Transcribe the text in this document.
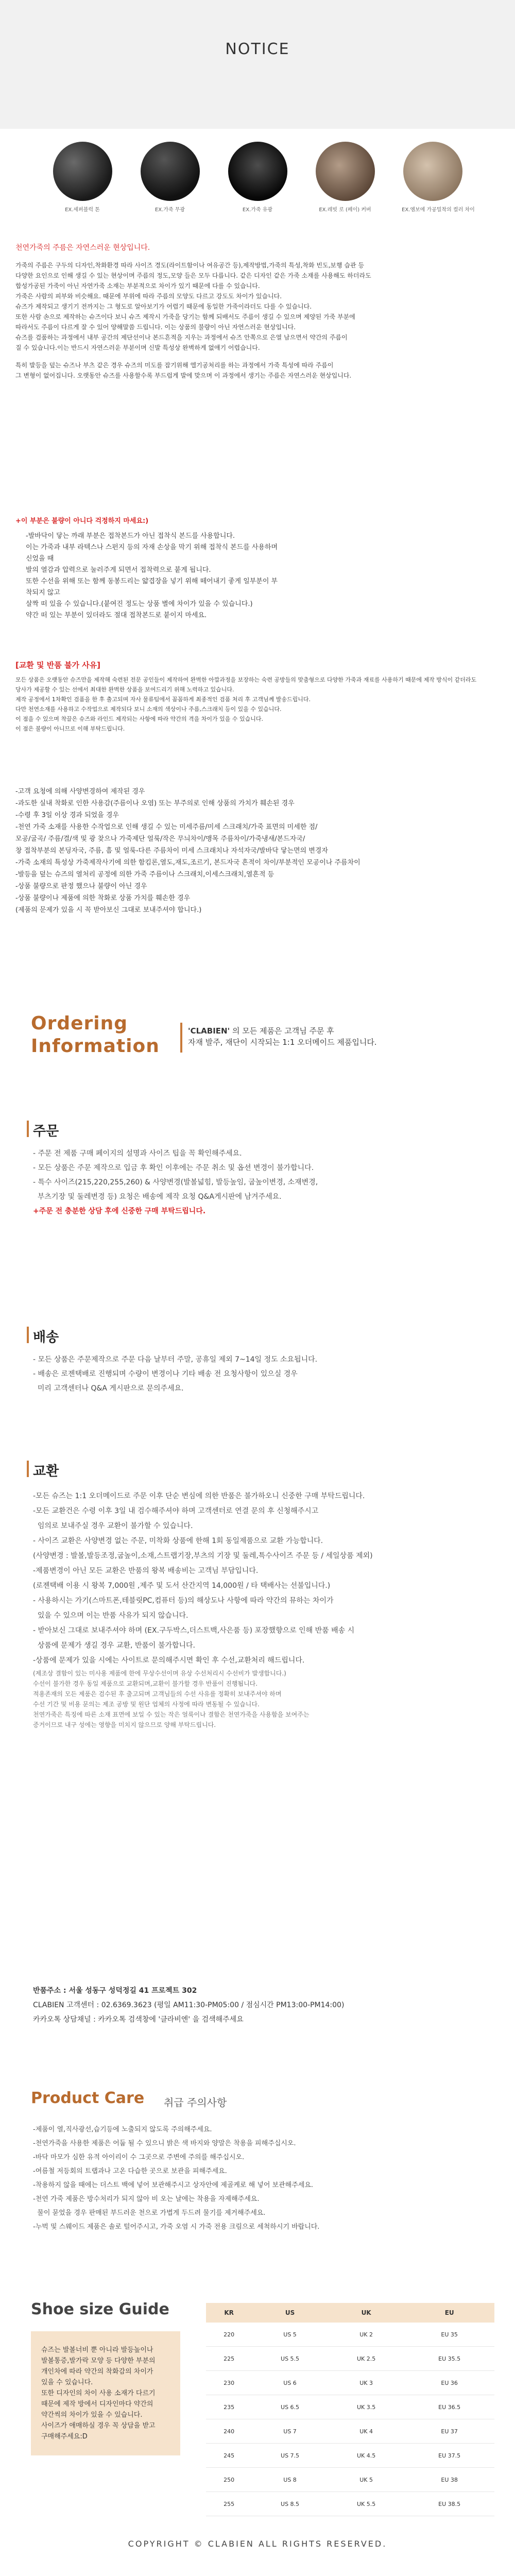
NOTICE
EX.세퍼블럭 톤	EX.가죽 무광	EX.가죽 유광	EX.레빗 로 (페이) 커버	EX.엠보에 가공밀착의 컬러 차이
천연가죽의 주름은 자연스러운 현상입니다.
가죽의 주름은 구두의 디자인,착화환경 따라 사이즈 경도(라이트함이나 여유공간 등),제작방법,가죽의 특성,착화 빈도,보행 습관 등
다양한 요인으로 인해 생길 수 있는 현상이며 주름의 정도,모양 들은 모두 다릅니다. 같은 디자인 같은 가죽 소재를 사용해도 하더라도
합성가공된 가죽이 아닌 자연가죽 소재는 부분적으로 차이가 있기 때문에 다를 수 있습니다.
가죽은 사람의 피부와 비슷해요. 때문에 부위에 따라 주름의 모양도 다르고 강도도 차이가 있습니다.
슈즈가 제작되고 생기기 전까지는 그 형도로 알아보기가 어렵기 때문에 동일한 가죽이라더도 다를 수 있습니다.
또한 사람 손으로 제작하는 슈즈이다 보니 슈즈 제작시 가죽을 당기는 함께 되배서도 주름이 생길 수 있으며 제양된 가죽 부분에
따라서도 주름이 다르게 잘 수 있어 양해말씀 드립니다. 이는 상품의 불량이 아닌 자연스러운 현상입니다.
슈즈를 검품하는 과정에서 내부 공간의 제단선이나 본드흔적을 지우는 과정에서 슈즈 안쪽으로 은열 남으면서 약간의 주름이
질 수 있습니다.이는 반드시 자연스러운 부분이며 신발 특성상 완벽하게 없애기 어렵습니다.
특히 발등을 덮는 슈즈나 부츠 같은 경우 슈즈의 미도를 잡기위해 엘기공처리를 하는 과정에서 가죽 특성에 따라 주름이
그 변형이 없어집니다. 오랫동안 슈즈를 사용할수록 부드럽게 발에 맞으며 이 과정에서 생기는 주름은 자연스러운 현상입니다.
+이 부분은 불량이 아니다 걱정하지 마세요:)
-발바닥이 닿는 까래 부분은 접착본드가 아닌 접착식 본드를 사용합니다.
이는 가죽과 내부 라텍스나 스펀지 등의 자재 손상을 막기 위해 접착식 본드를 사용하며 신었을 때
발의 열감과 압력으로 눌러주게 되면서 접착력으로 붙게 됩니다.
또한 수선을 위해 또는 함께 동봉드리는 얇겹장을 넣기 위해 떼어내기 좋게 일부분이 부착되지 않고
살짝 떠 있을 수 있습니다.(붙여진 정도는 상품 별에 차이가 있을 수 있습니다.)
약간 떠 있는 부분이 있더라도 절대 접착본드로 붙이지 마세요.
[교환 및 반품 불가 사유]
모든 상품은 오랫동안 슈즈만을 제작해 숙련된 전문 공인들이 제작하여 완벽한 아깝과정을 보장하는 숙련 공방들의 맞춤형으로 다양한 가죽과 재료를 사용하기 때문에 제작 방식이 같더라도
당사가 제공할 수 있는 선에서 최대한 완벽한 상품을 보여드리기 위해 노력하고 있습니다.
제작 공정에서 1차확인 검품을 한 후 출고되며 자사 물류팀에서 꼼꼼하게 최종적인 검품 처리 후 고객님께 발송드립니다.
다만 천연소재를 사용하고 수작업으로 제작되다 보니 소재의 색상이나 주름,스크래치 등이 있을 수 있습니다.
이 점을 수 있으며 착끌은 슈즈와 라인드 제작되는 사항에 따라 약간의 격을 차이가 있을 수 있습니다.
이 점은 불량이 아니므로 이해 부탁드립니다.
-고객 요청에 의해 사양변경하여 제작된 경우
-과도한 실내 착화로 인한 사용감(주름이나 오염) 또는 부주의로 인해 상품의 가치가 훼손된 경우
-수령 후 3일 이상 경과 되었을 경우
-천연 가죽 소재를 사용한 수작업으로 인해 생길 수 있는 미세주름/미세 스크래치/가죽 표면의 미세한 점/
모공/굴곡/ 주름/결/색 및 광 찾으나 가죽제단 얼룩/작은 무늬차이/맹목 주름차이/가죽냉새/본드자국/
창 접착부분의 본딩자국, 주름, 흠 및 얼룩-다른 주름차이 미세 스크래치나 자석자국/발바닥 닿는면의 변경자
-가죽 소재의 특성상 가죽제작사기에 의한 함킴론,열도,재도,조르기, 본드자국 흔적이 차이/부분적인 모공이나 주름차이
-발등을 덮는 슈즈의 열처리 공정에 의한 가죽 주름이나 스크래치,이세스크래치,열흔적 등
-상품 불량으로 판정 했으나 불량이 아닌 경우
-상품 불량이나 제품에 의한 착화로 상품 가치를 훼손한 경우
(제품의 문제가 있을 시 꼭 받아보신 그대로 보내주셔야 합니다.)
Ordering
Information
'CLABIEN' 의 모든 제품은 고객님 주문 후
자재 발주, 재단이 시작되는 1:1 오더메이드 제품입니다.
주문
- 주문 전 제품 구매 페이지의 설명과 사이즈 팁을 꼭 확인해주세요.
- 모든 상품은 주문 제작으로 입금 후 확인 이후에는 주문 취소 및 옵션 변경이 불가합니다.
- 특수 사이즈(215,220,255,260) & 사양변경(발볼넓힘, 발등높임, 굽높이변경, 소재변경,
부츠기장 및 둘레변경 등) 요청은 배송에 제작 요청 Q&A게시판에 남겨주세요.
+주문 전 충분한 상담 후에 신중한 구매 부탁드립니다.
배송
- 모든 상품은 주문제작으로 주문 다음 날부터 주말, 공휴일 제외 7~14일 정도 소요됩니다.
- 배송은 로젠택배로 진행되며 수량이 변경이나 기타 배송 전 요청사항이 있으실 경우
미리 고객센터나 Q&A 게시판으로 문의주세요.
교환
-모든 슈즈는 1:1 오더메이드로 주문 이후 단순 변심에 의한 반품은 불가하오니 신중한 구매 부탁드립니다.
-모든 교환건은 수령 이후 3일 내 검수해주셔야 하며 고객센터로 연결 문의 후 신청해주시고
임의로 보내주실 경우 교환이 불가할 수 있습니다.
- 사이즈 교환은 사양변경 없는 주문, 미착화 상품에 한해 1회 동일제품으로 교환 가능합니다.
(사양변경 : 발볼,발등조정,굽높이,소재,스트랩기장,부츠의 기장 및 둘레,특수사이즈 주문 등 / 세일상품 제외)
-제품변경이 아닌 모든 교환은 반품의 왕복 배송비는 고객님 부담입니다.
(로젠택배 이용 시 왕복 7,000원 ,제주 및 도서 산간지역 14,000원 / 타 택배사는 선불입니다.)
- 사용하시는 가기(스마트폰,테블릿PC,컴퓨터 등)의 해상도나 사항에 따라 약간의 뮤하는 차이가
있을 수 있으며 이는 반품 사유가 되지 않습니다.
- 받아보신 그대로 보내주셔야 하며 (EX.구두박스,더스트백,사은품 등) 포장했향으로 인해 반품 배송 시
상품에 문제가 생길 경우 교환, 반품이 불가합니다.
-상품에 문제가 있을 시에는 사이트로 문의해주시면 확인 후 수선,교환처리 해드립니다.
(제조상 결함이 있는 미사용 제품에 한에 무상수선이며 유상 수선처리시 수선비가 발생합니다.)
수선이 불가한 경우 동일 제품으로 교환되며,교환이 불가할 경우 반품이 진행됩니다.
적용존재의 모든 제품은 검수된 후 출고되며 고객님들의 수선 사유를 정확히 보내주셔야 하며
수선 기간 및 비용 문의는 제조 공방 및 원단 업체의 사정에 따라 변동될 수 있습니다.
천연가죽은 특징에 따른 소재 표면에 보일 수 있는 작은 얼룩이나 결함은 천연가죽을 사용함을 보여주는
증거이므로 내구 성에는 영향을 미치지 않으므로 양해 부탁드립니다.
반품주소 : 서울 성동구 성덕정길 41 프로젝트 302
CLABIEN 고객센터 : 02.6369.3623 (평일 AM11:30-PM05:00 / 점심시간 PM13:00-PM14:00)
카카오톡 상담채널 : 카카오톡 검색창에 '클라비엔' 을 검색해주세요
Product Care 취급 주의사항
-제품이 열,직사광선,습기등에 노출되지 않도록 주의해주세요.
-천연가죽을 사용한 제품은 어둡 될 수 있으니 밝은 색 바지와 양말은 착용을 피해주십시오.
-바닥 마모가 심한 유적 아이리이 수 그곳으로 주변에 주의를 해주십시오.
-여름철 저등회의 트랩과나 고온 다습한 곳으로 보관을 피해주세요.
-착용하지 않을 때에는 더스트 백에 넣어 보관해주시고 상자안에 제골케로 해 넣어 보관해주세요.
-천연 가죽 제품은 방수처리가 되지 않아 비 오는 날에는 착용을 자제해주세요.
물이 묻었을 경우 판매된 부드러운 천으로 가볍게 두드려 물기를 제거해주세요.
-누벅 및 스웨이드 제품은 솔로 털어주시고, 가죽 오염 시 가죽 전용 크림으로 세척하시기 바랍니다.
Shoe size Guide
슈즈는 발볼너비 뿐 아니라 발등높이나
발볼통증,발가락 모양 등 다양한 부분의
개인차에 따라 약간의 착화감의 차이가
있을 수 있습니다.
또한 디자인의 차이 사용 소재가 다르기
때문에 제작 방에서 디자인마다 약간의
약간씩의 차이가 있을 수 있습니다.
사이즈가 애매하실 경우 꼭 상담을 받고
구매해주세요:D
KR	US	UK	EU
220	US 5	UK 2	EU 35
225	US 5.5	UK 2.5	EU 35.5
230	US 6	UK 3	EU 36
235	US 6.5	UK 3.5	EU 36.5
240	US 7	UK 4	EU 37
245	US 7.5	UK 4.5	EU 37.5
250	US 8	UK 5	EU 38
255	US 8.5	UK 5.5	EU 38.5
COPYRIGHT © CLABIEN ALL RIGHTS RESERVED.
